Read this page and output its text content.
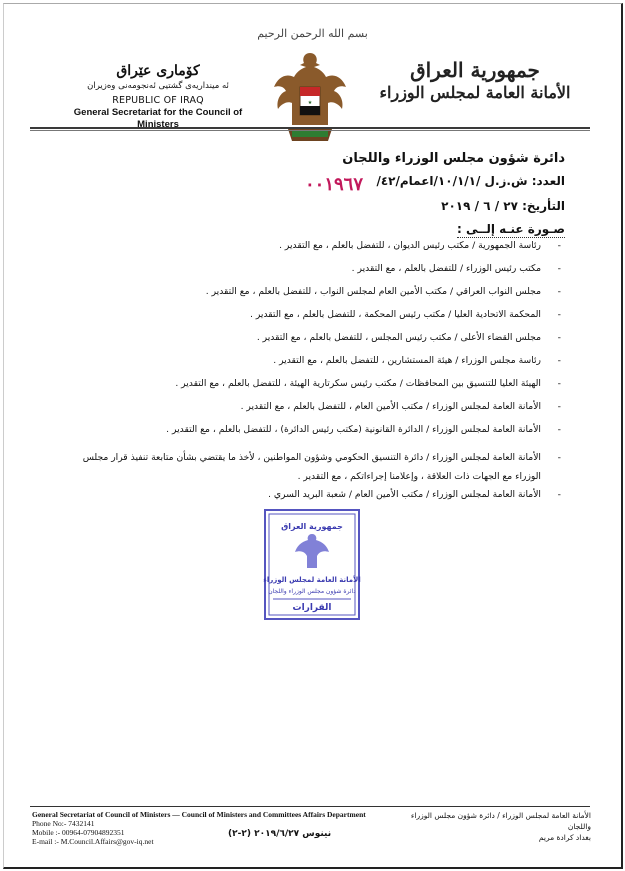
بسم الله الرحمن الرحيم
جمهورية العراق
الأمانة العامة لمجلس الوزراء
★
كۆماری عێراق
ئه‌ مينداريه‌ی گشتيی ئه‌نجومه‌نی وه‌زيران
REPUBLIC OF IRAQ
General Secretariat for the Council of Ministers
دائرة شؤون مجلس الوزراء واللجان
العدد: ش.ز.ل /١٠/١/١/اعمام/٤٢/
٠٠١٩٦٧
التأريخ: ٢٧ / ٦ / ٢٠١٩
صـورة عنـه إلــى :
-
رئاسة الجمهورية / مكتب رئيس الديوان ، للتفضل بالعلم ، مع التقدير .
-
مكتب رئيس الوزراء / للتفضل بالعلم ، مع التقدير .
-
مجلس النواب العراقي / مكتب الأمين العام لمجلس النواب ، للتفضل بالعلم ، مع التقدير .
-
المحكمة الاتحادية العليا / مكتب رئيس المحكمة ، للتفضل بالعلم ، مع التقدير .
-
مجلس القضاء الأعلى / مكتب رئيس المجلس ، للتفضل بالعلم ، مع التقدير .
-
رئاسة مجلس الوزراء / هيئة المستشارين ، للتفضل بالعلم ، مع التقدير .
-
الهيئة العليا للتنسيق بين المحافظات / مكتب رئيس سكرتارية الهيئة ، للتفضل بالعلم ، مع التقدير .
-
الأمانة العامة لمجلس الوزراء / مكتب الأمين العام ، للتفضل بالعلم ، مع التقدير .
-
الأمانة العامة لمجلس الوزراء / الدائرة القانونية (مكتب رئيس الدائرة) ، للتفضل بالعلم ، مع التقدير .
-
الأمانة العامة لمجلس الوزراء / دائرة التنسيق الحكومي وشؤون المواطنين ، لأخذ ما يقتضي بشأن متابعة تنفيذ قرار مجلس الوزراء مع الجهات ذات العلاقة ، وإعلامنا إجراءاتكم ، مع التقدير .
-
الأمانة العامة لمجلس الوزراء / مكتب الأمين العام / شعبة البريد السري .
جمهورية العراق
الأمانة العامة لمجلس الوزراء
دائرة شؤون مجلس الوزراء واللجان
القرارات
General Secretariat of Council of Ministers — Council of Ministers and Committees Affairs Department
Phone No:- 7432141
Mobile :- 00964-07904892351
E-mail :- M.Council.Affairs@gov-iq.net
الأمانة العامة لمجلس الوزراء / دائرة شؤون مجلس الوزراء واللجان
بغداد كرادة مريم
نينوس ٢٠١٩/٦/٢٧ (٢-٢)
